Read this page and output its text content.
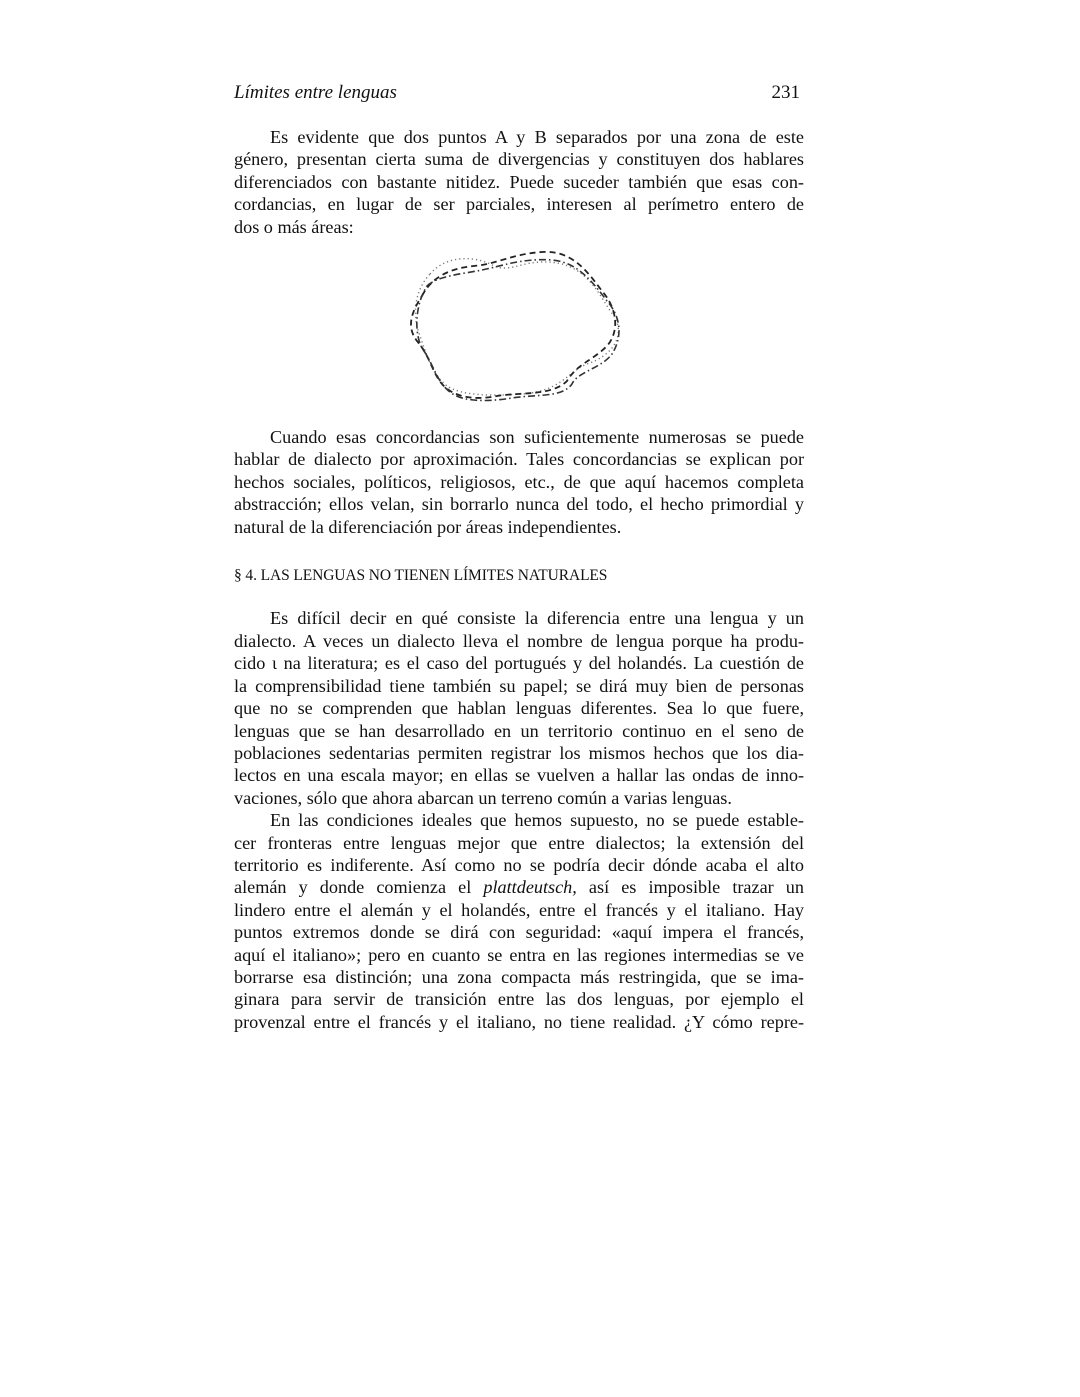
Límites entre lenguas	231

Es evidente que dos puntos A y B separados por una zona de este
género, presentan cierta suma de divergencias y constituyen dos hablares
diferenciados con bastante nitidez. Puede suceder también que esas con-
cordancias, en lugar de ser parciales, interesen al perímetro entero de
dos o más áreas:

Cuando esas concordancias son suficientemente numerosas se puede
hablar de dialecto por aproximación. Tales concordancias se explican por
hechos sociales, políticos, religiosos, etc., de que aquí hacemos completa
abstracción; ellos velan, sin borrarlo nunca del todo, el hecho primordial y
natural de la diferenciación por áreas independientes.

§ 4. LAS LENGUAS NO TIENEN LÍMITES NATURALES

Es difícil decir en qué consiste la diferencia entre una lengua y un
dialecto. A veces un dialecto lleva el nombre de lengua porque ha produ-
cido ι na literatura; es el caso del portugués y del holandés. La cuestión de
la comprensibilidad tiene también su papel; se dirá muy bien de personas
que no se comprenden que hablan lenguas diferentes. Sea lo que fuere,
lenguas que se han desarrollado en un territorio continuo en el seno de
poblaciones sedentarias permiten registrar los mismos hechos que los dia-
lectos en una escala mayor; en ellas se vuelven a hallar las ondas de inno-
vaciones, sólo que ahora abarcan un terreno común a varias lenguas.

En las condiciones ideales que hemos supuesto, no se puede estable-
cer fronteras entre lenguas mejor que entre dialectos; la extensión del
territorio es indiferente. Así como no se podría decir dónde acaba el alto
alemán y donde comienza el plattdeutsch, así es imposible trazar un
lindero entre el alemán y el holandés, entre el francés y el italiano. Hay
puntos extremos donde se dirá con seguridad: «aquí impera el francés,
aquí el italiano»; pero en cuanto se entra en las regiones intermedias se ve
borrarse esa distinción; una zona compacta más restringida, que se ima-
ginara para servir de transición entre las dos lenguas, por ejemplo el
provenzal entre el francés y el italiano, no tiene realidad. ¿Y cómo repre-
